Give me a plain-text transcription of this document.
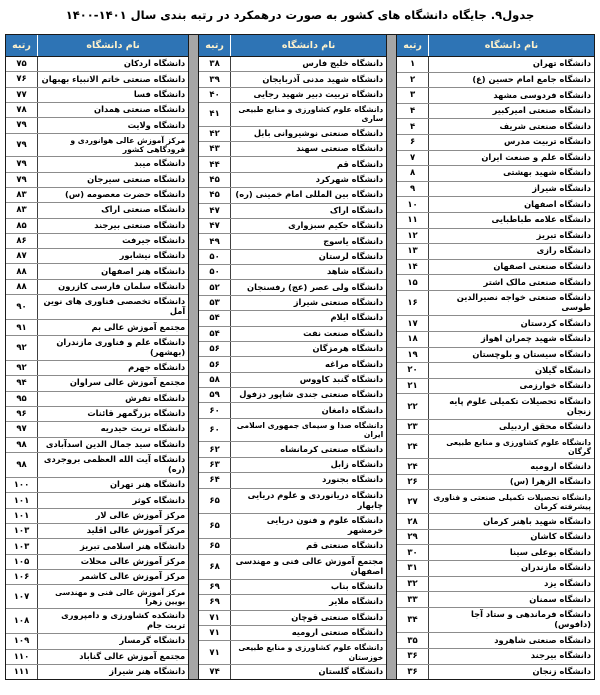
جدول۹. جایگاه دانشگاه های کشور به صورت درهمکرد در رتبه بندی سال ۱۴۰۱-۱۴۰۰
نام دانشگاه
رتبه
دانشگاه تهران
۱
دانشگاه جامع امام حسین (ع)
۲
دانشگاه فردوسی مشهد
۳
دانشگاه صنعتی امیرکبیر
۴
دانشگاه صنعتی شریف
۴
دانشگاه تربیت مدرس
۶
دانشگاه علم و صنعت ایران
۷
دانشگاه شهید بهشتی
۸
دانشگاه شیراز
۹
دانشگاه اصفهان
۱۰
دانشگاه علامه طباطبایی
۱۱
دانشگاه تبریز
۱۲
دانشگاه رازی
۱۳
دانشگاه صنعتی اصفهان
۱۴
دانشگاه صنعتی مالک اشتر
۱۵
دانشگاه صنعتی خواجه نصیرالدین طوسی
۱۶
دانشگاه کردستان
۱۷
دانشگاه شهید چمران اهواز
۱۸
دانشگاه سیستان و بلوچستان
۱۹
دانشگاه گیلان
۲۰
دانشگاه خوارزمی
۲۱
دانشگاه تحصیلات تکمیلی علوم پایه زنجان
۲۲
دانشگاه محقق اردبیلی
۲۳
دانشگاه علوم کشاورزی و منابع طبیعی گرگان
۲۴
دانشگاه ارومیه
۲۴
دانشگاه الزهرا (س)
۲۶
دانشگاه تحصیلات تکمیلی صنعتی و فناوری پیشرفته کرمان
۲۷
دانشگاه شهید باهنر کرمان
۲۸
دانشگاه کاشان
۲۹
دانشگاه بوعلی سینا
۳۰
دانشگاه مازندران
۳۱
دانشگاه یزد
۳۲
دانشگاه سمنان
۳۳
دانشگاه فرماندهی و ستاد آجا (دافوس)
۳۴
دانشگاه صنعتی شاهرود
۳۵
دانشگاه بیرجند
۳۶
دانشگاه زنجان
۳۶
نام دانشگاه
رتبه
دانشگاه خلیج فارس
۳۸
دانشگاه شهید مدنی آذربایجان
۳۹
دانشگاه تربیت دبیر شهید رجایی
۴۰
دانشگاه علوم کشاورزی و منابع طبیعی ساری
۴۱
دانشگاه صنعتی نوشیروانی بابل
۴۲
دانشگاه صنعتی سهند
۴۳
دانشگاه قم
۴۴
دانشگاه شهرکرد
۴۵
دانشگاه بین المللی امام خمینی (ره)
۴۵
دانشگاه اراک
۴۷
دانشگاه حکیم سبزواری
۴۷
دانشگاه یاسوج
۴۹
دانشگاه لرستان
۵۰
دانشگاه شاهد
۵۰
دانشگاه ولی عصر (عج) رفسنجان
۵۲
دانشگاه صنعتی شیراز
۵۳
دانشگاه ایلام
۵۴
دانشگاه صنعت نفت
۵۴
دانشگاه هرمزگان
۵۶
دانشگاه مراغه
۵۶
دانشگاه گنبد کاووس
۵۸
دانشگاه صنعتی جندی شاپور دزفول
۵۹
دانشگاه دامغان
۶۰
دانشگاه صدا و سیمای جمهوری اسلامی ایران
۶۰
دانشگاه صنعتی کرمانشاه
۶۲
دانشگاه زابل
۶۳
دانشگاه بجنورد
۶۴
دانشگاه دریانوردی و علوم دریایی چابهار
۶۵
دانشگاه علوم و فنون دریایی خرمشهر
۶۵
دانشگاه صنعتی قم
۶۵
مجتمع آموزش عالی فنی و مهندسی اصفهان
۶۸
دانشگاه بناب
۶۹
دانشگاه ملایر
۶۹
دانشگاه صنعتی قوچان
۷۱
دانشگاه صنعتی ارومیه
۷۱
دانشگاه علوم کشاورزی و منابع طبیعی خوزستان
۷۱
دانشگاه گلستان
۷۴
نام دانشگاه
رتبه
دانشگاه اردکان
۷۵
دانشگاه صنعتی خاتم الانبیاء بهبهان
۷۶
دانشگاه فسا
۷۷
دانشگاه صنعتی همدان
۷۸
دانشگاه ولایت
۷۹
مرکز آموزش عالی هوانوردی و فرودگاهی کشور
۷۹
دانشگاه میبد
۷۹
دانشگاه صنعتی سیرجان
۷۹
دانشگاه حضرت معصومه (س)
۸۳
دانشگاه صنعتی اراک
۸۳
دانشگاه صنعتی بیرجند
۸۵
دانشگاه جیرفت
۸۶
دانشگاه نیشابور
۸۷
دانشگاه هنر اصفهان
۸۸
دانشگاه سلمان فارسی کازرون
۸۸
دانشگاه تخصصی فناوری های نوین آمل
۹۰
مجتمع آموزش عالی بم
۹۱
دانشگاه علم و فناوری مازندران (بهشهر)
۹۲
دانشگاه جهرم
۹۲
مجتمع آموزش عالی سراوان
۹۴
دانشگاه تفرش
۹۵
دانشگاه بزرگمهر قائنات
۹۶
دانشگاه تربت حیدریه
۹۷
دانشگاه سید جمال الدین اسدآبادی
۹۸
دانشگاه آیت الله العظمی بروجردی (ره)
۹۸
دانشگاه هنر تهران
۱۰۰
دانشگاه کوثر
۱۰۱
مرکز آموزش عالی لار
۱۰۱
مرکز آموزش عالی اقلید
۱۰۳
دانشگاه هنر اسلامی تبریز
۱۰۳
مرکز آموزش عالی محلات
۱۰۵
مرکز آموزش عالی کاشمر
۱۰۶
مرکز آموزش عالی فنی و مهندسی بویین زهرا
۱۰۷
دانشکده کشاورزی و دامپروری تربت جام
۱۰۸
دانشگاه گرمسار
۱۰۹
مجتمع آموزش عالی گناباد
۱۱۰
دانشگاه هنر شیراز
۱۱۱
